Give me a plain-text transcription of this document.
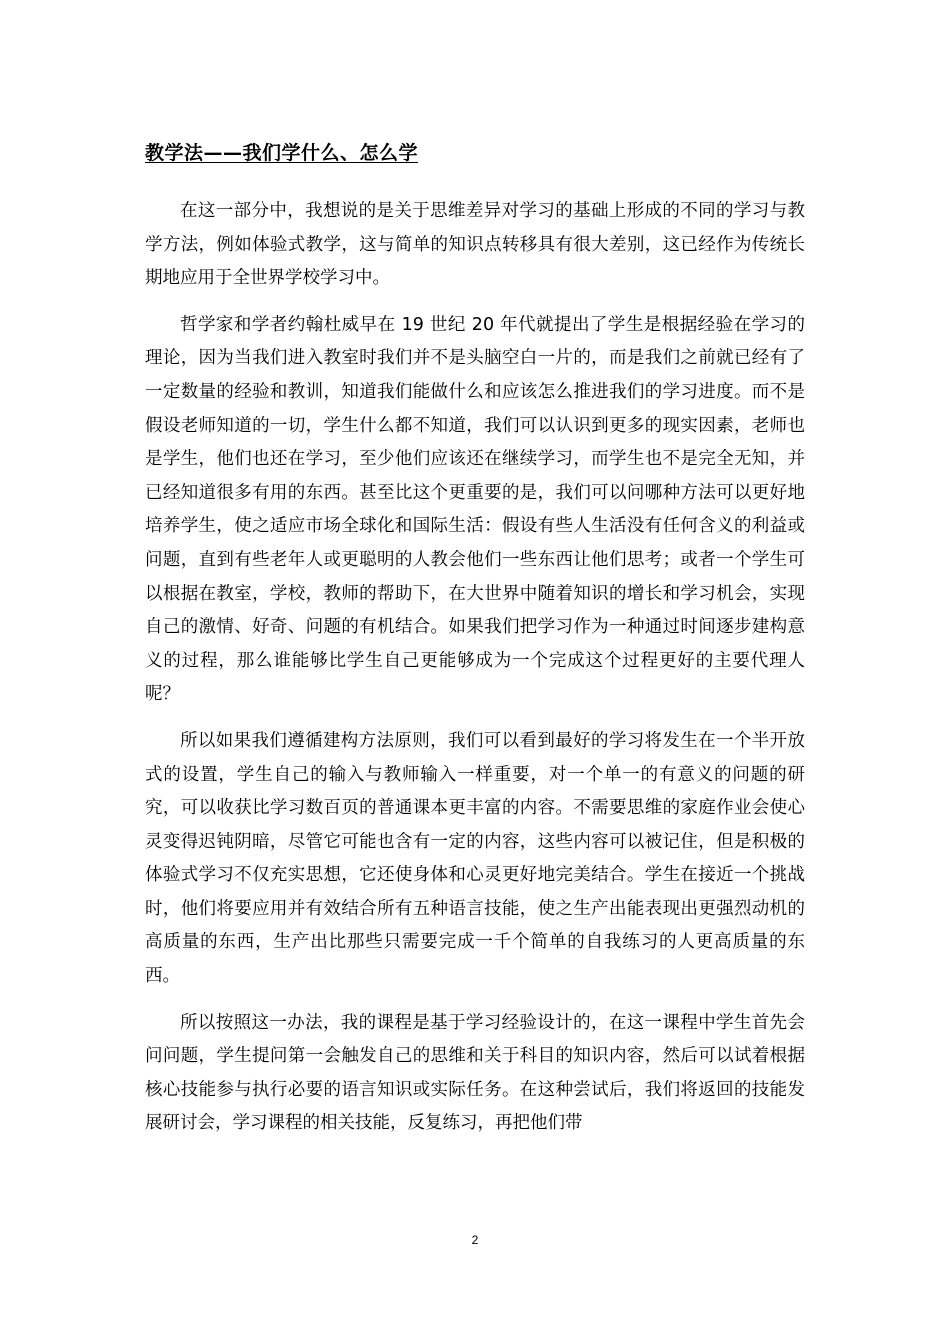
教学法——我们学什么、怎么学

在这一部分中，我想说的是关于思维差异对学习的基础上形成的不同的学习与教学方法，例如体验式教学，这与简单的知识点转移具有很大差别，这已经作为传统长期地应用于全世界学校学习中。

哲学家和学者约翰杜威早在 19 世纪 20 年代就提出了学生是根据经验在学习的理论，因为当我们进入教室时我们并不是头脑空白一片的，而是我们之前就已经有了一定数量的经验和教训，知道我们能做什么和应该怎么推进我们的学习进度。而不是假设老师知道的一切，学生什么都不知道，我们可以认识到更多的现实因素，老师也是学生，他们也还在学习，至少他们应该还在继续学习，而学生也不是完全无知，并已经知道很多有用的东西。甚至比这个更重要的是，我们可以问哪种方法可以更好地培养学生，使之适应市场全球化和国际生活：假设有些人生活没有任何含义的利益或问题，直到有些老年人或更聪明的人教会他们一些东西让他们思考；或者一个学生可以根据在教室，学校，教师的帮助下，在大世界中随着知识的增长和学习机会，实现自己的激情、好奇、问题的有机结合。如果我们把学习作为一种通过时间逐步建构意义的过程，那么谁能够比学生自己更能够成为一个完成这个过程更好的主要代理人呢？

所以如果我们遵循建构方法原则，我们可以看到最好的学习将发生在一个半开放式的设置，学生自己的输入与教师输入一样重要，对一个单一的有意义的问题的研究，可以收获比学习数百页的普通课本更丰富的内容。不需要思维的家庭作业会使心灵变得迟钝阴暗，尽管它可能也含有一定的内容，这些内容可以被记住，但是积极的体验式学习不仅充实思想，它还使身体和心灵更好地完美结合。学生在接近一个挑战时，他们将要应用并有效结合所有五种语言技能，使之生产出能表现出更强烈动机的高质量的东西，生产出比那些只需要完成一千个简单的自我练习的人更高质量的东西。

所以按照这一办法，我的课程是基于学习经验设计的，在这一课程中学生首先会问问题，学生提问第一会触发自己的思维和关于科目的知识内容，然后可以试着根据核心技能参与执行必要的语言知识或实际任务。在这种尝试后，我们将返回的技能发展研讨会，学习课程的相关技能，反复练习，再把他们带

2
